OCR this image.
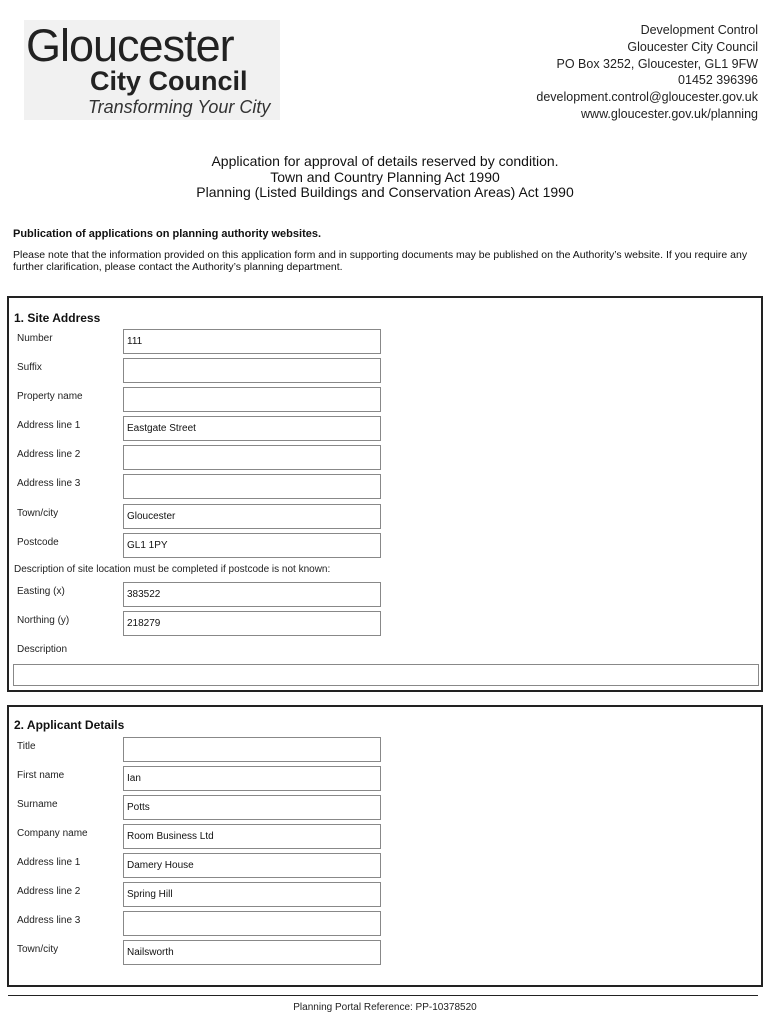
Gloucester
City Council
Transforming Your City
Development Control
Gloucester City Council
PO Box 3252, Gloucester, GL1 9FW
01452 396396
development.control@gloucester.gov.uk
www.gloucester.gov.uk/planning
Application for approval of details reserved by condition.
Town and Country Planning Act 1990
Planning (Listed Buildings and Conservation Areas) Act 1990
Publication of applications on planning authority websites.
Please note that the information provided on this application form and in supporting documents may be published on the Authority’s website. If you require any further clarification, please contact the Authority’s planning department.
1. Site Address
Number	111
Suffix
Property name
Address line 1	Eastgate Street
Address line 2
Address line 3
Town/city	Gloucester
Postcode	GL1 1PY
Description of site location must be completed if postcode is not known:
Easting (x)	383522
Northing (y)	218279
Description
2. Applicant Details
Title
First name	Ian
Surname	Potts
Company name	Room Business Ltd
Address line 1	Damery House
Address line 2	Spring Hill
Address line 3
Town/city	Nailsworth
Planning Portal Reference: PP-10378520
